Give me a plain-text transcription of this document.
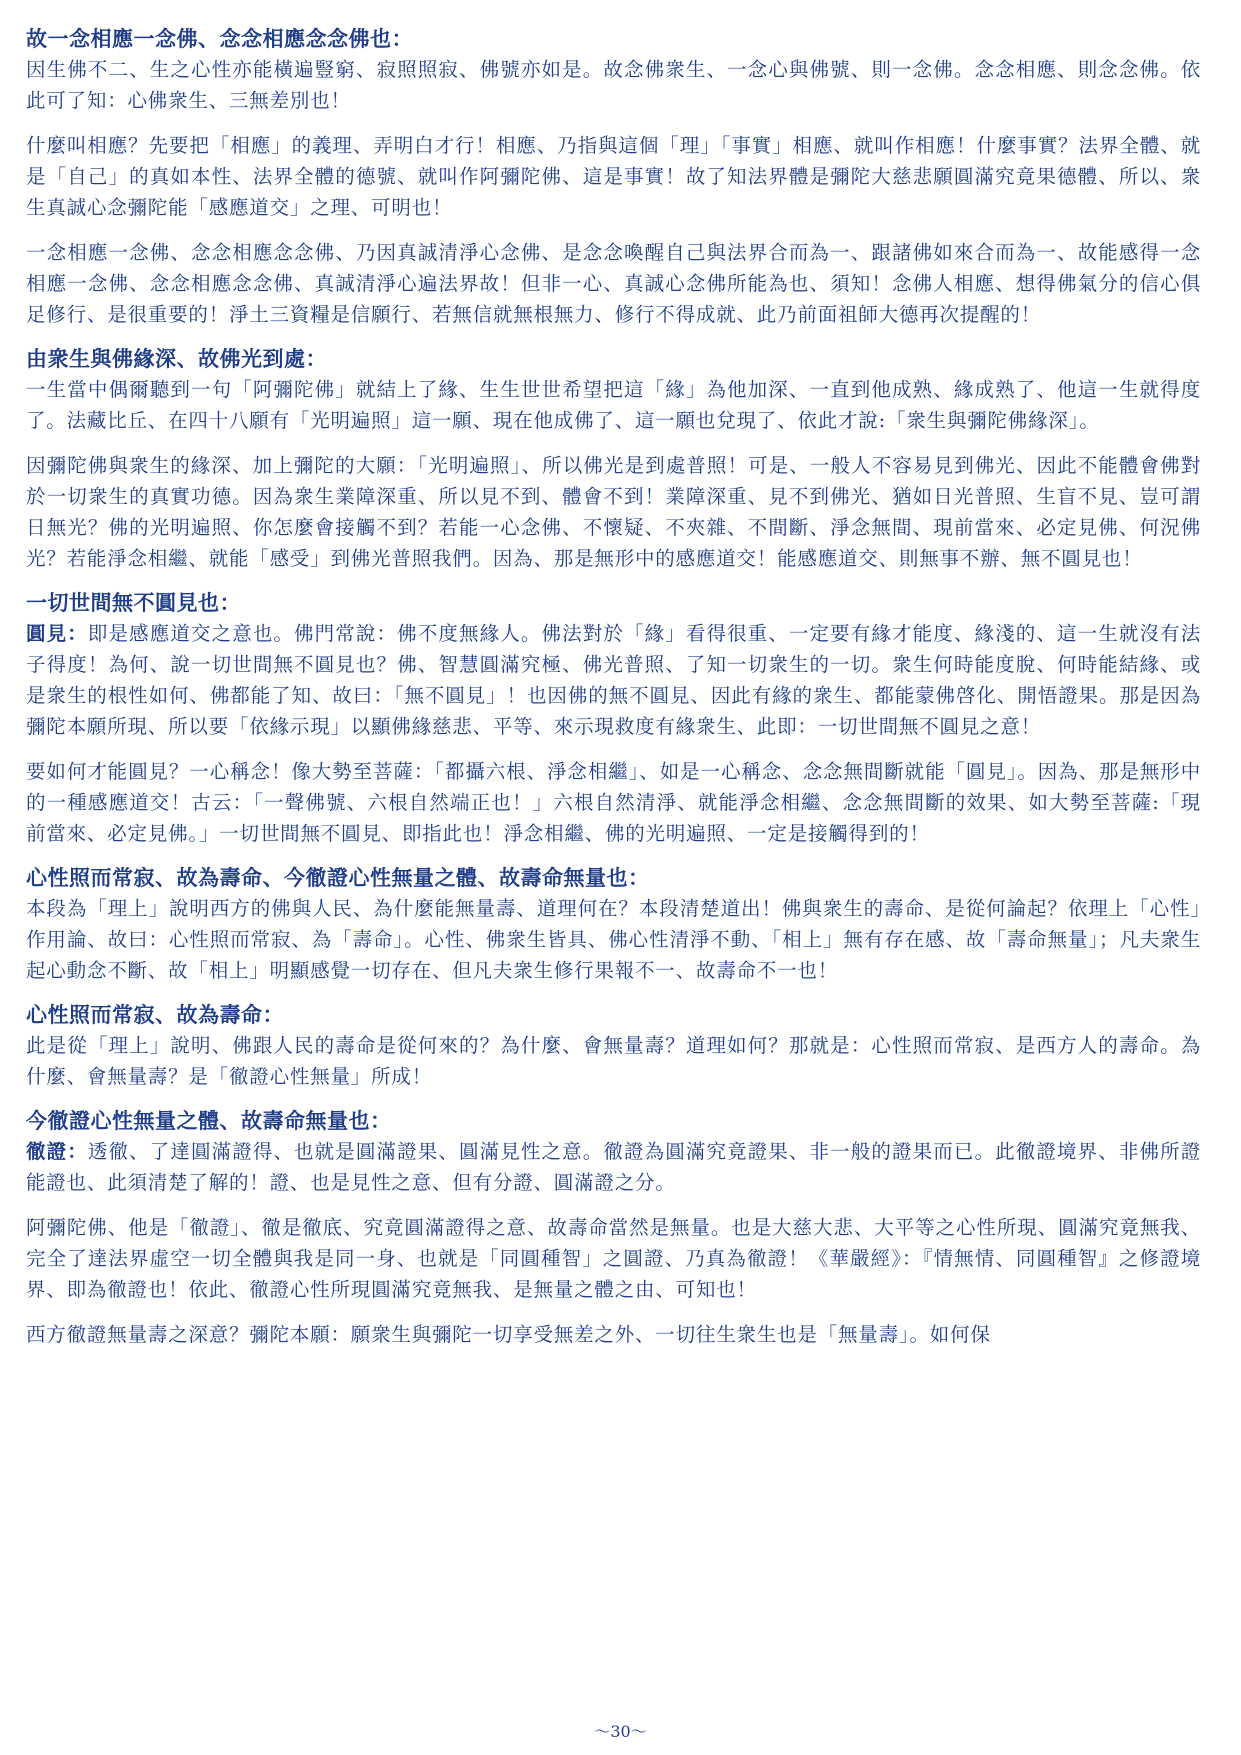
故一念相應一念佛、念念相應念念佛也：

因生佛不二、生之心性亦能橫遍豎窮、寂照照寂、佛號亦如是。故念佛衆生、一念心與佛號、則一念佛。念念相應、則念念佛。依此可了知：心佛衆生、三無差別也！

什麼叫相應？先要把「相應」的義理、弄明白才行！相應、乃指與這個「理」「事實」相應、就叫作相應！什麼事實？法界全體、就是「自己」的真如本性、法界全體的德號、就叫作阿彌陀佛、這是事實！故了知法界體是彌陀大慈悲願圓滿究竟果德體、所以、衆生真誠心念彌陀能「感應道交」之理、可明也！

一念相應一念佛、念念相應念念佛、乃因真誠清淨心念佛、是念念喚醒自己與法界合而為一、跟諸佛如來合而為一、故能感得一念相應一念佛、念念相應念念佛、真誠清淨心遍法界故！但非一心、真誠心念佛所能為也、須知！念佛人相應、想得佛氣分的信心俱足修行、是很重要的！淨土三資糧是信願行、若無信就無根無力、修行不得成就、此乃前面祖師大德再次提醒的！

由衆生與佛緣深、故佛光到處：

一生當中偶爾聽到一句「阿彌陀佛」就結上了緣、生生世世希望把這「緣」為他加深、一直到他成熟、緣成熟了、他這一生就得度了。法藏比丘、在四十八願有「光明遍照」這一願、現在他成佛了、這一願也兌現了、依此才說:「衆生與彌陀佛緣深」。

因彌陀佛與衆生的緣深、加上彌陀的大願：「光明遍照」、所以佛光是到處普照！可是、一般人不容易見到佛光、因此不能體會佛對於一切衆生的真實功德。因為衆生業障深重、所以見不到、體會不到！業障深重、見不到佛光、猶如日光普照、生盲不見、豈可謂日無光？佛的光明遍照、你怎麼會接觸不到？若能一心念佛、不懷疑、不夾雜、不間斷、淨念無間、現前當來、必定見佛、何況佛光？若能淨念相繼、就能「感受」到佛光普照我們。因為、那是無形中的感應道交！能感應道交、則無事不辦、無不圓見也！

一切世間無不圓見也：

圓見：即是感應道交之意也。佛門常說：佛不度無緣人。佛法對於「緣」看得很重、一定要有緣才能度、緣淺的、這一生就沒有法子得度！為何、說一切世間無不圓見也？佛、智慧圓滿究極、佛光普照、了知一切衆生的一切。衆生何時能度脫、何時能結緣、或是衆生的根性如何、佛都能了知、故曰：「無不圓見」！也因佛的無不圓見、因此有緣的衆生、都能蒙佛啓化、開悟證果。那是因為彌陀本願所現、所以要「依緣示現」以顯佛緣慈悲、平等、來示現救度有緣衆生、此即：一切世間無不圓見之意！

要如何才能圓見？一心稱念！像大勢至菩薩：「都攝六根、淨念相繼」、如是一心稱念、念念無間斷就能「圓見」。因為、那是無形中的一種感應道交！古云：「一聲佛號、六根自然端正也！」六根自然清淨、就能淨念相繼、念念無間斷的效果、如大勢至菩薩:「現前當來、必定見佛。」一切世間無不圓見、即指此也！淨念相繼、佛的光明遍照、一定是接觸得到的！

心性照而常寂、故為壽命、今徹證心性無量之體、故壽命無量也：

本段為「理上」說明西方的佛與人民、為什麼能無量壽、道理何在？本段清楚道出！佛與衆生的壽命、是從何論起？依理上「心性」作用論、故曰：心性照而常寂、為「壽命」。心性、佛衆生皆具、佛心性清淨不動、「相上」無有存在感、故「壽命無量」；凡夫衆生起心動念不斷、故「相上」明顯感覺一切存在、但凡夫衆生修行果報不一、故壽命不一也！

心性照而常寂、故為壽命：

此是從「理上」說明、佛跟人民的壽命是從何來的？為什麼、會無量壽？道理如何？那就是：心性照而常寂、是西方人的壽命。為什麼、會無量壽？是「徹證心性無量」所成！

今徹證心性無量之體、故壽命無量也：

徹證：透徹、了達圓滿證得、也就是圓滿證果、圓滿見性之意。徹證為圓滿究竟證果、非一般的證果而已。此徹證境界、非佛所證能證也、此須清楚了解的！證、也是見性之意、但有分證、圓滿證之分。

阿彌陀佛、他是「徹證」、徹是徹底、究竟圓滿證得之意、故壽命當然是無量。也是大慈大悲、大平等之心性所現、圓滿究竟無我、完全了達法界虛空一切全體與我是同一身、也就是「同圓種智」之圓證、乃真為徹證！《華嚴經》：『情無情、同圓種智』之修證境界、即為徹證也！依此、徹證心性所現圓滿究竟無我、是無量之體之由、可知也！

西方徹證無量壽之深意？彌陀本願：願衆生與彌陀一切享受無差之外、一切往生衆生也是「無量壽」。如何保

～30～
